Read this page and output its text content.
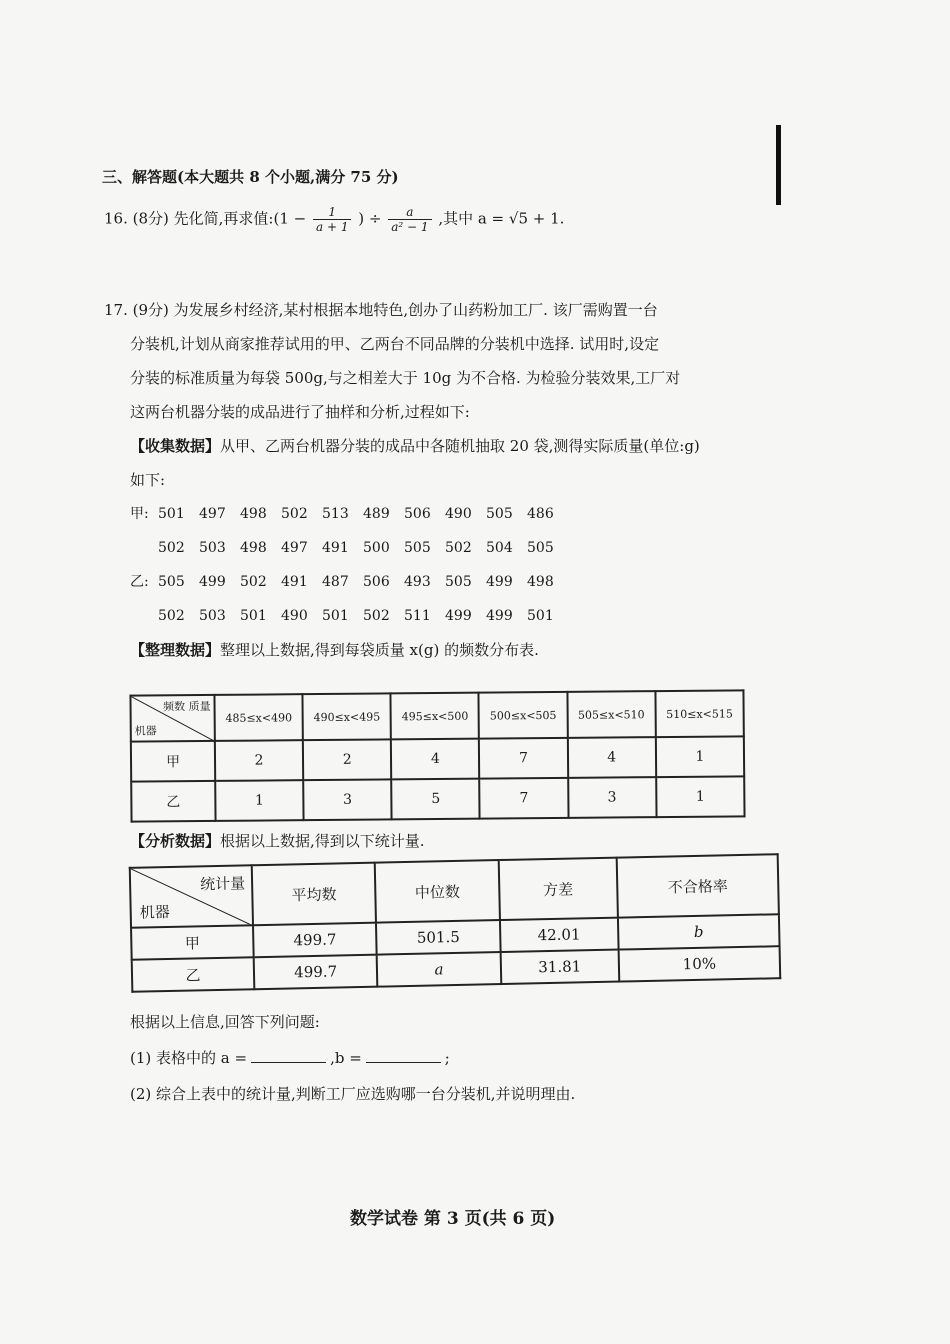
三、解答题(本大题共 8 个小题,满分 75 分)
16. (8分) 先化简,再求值:(1 − $\frac{1}{a + 1}$ ) ÷ $\frac{a}{\text{a² − 1}}$ ,其中 a = √5 + 1.

17. (9分) 为发展乡村经济,某村根据本地特色,创办了山药粉加工厂. 该厂需购置一台

分装机,计划从商家推荐试用的甲、乙两台不同品牌的分装机中选择. 试用时,设定

分装的标准质量为每袋 500g,与之相差大于 10g 为不合格. 为检验分装效果,工厂对

这两台机器分装的成品进行了抽样和分析,过程如下:

【收集数据】从甲、乙两台机器分装的成品中各随机抽取 20 袋,测得实际质量(单位:g)

如下:

甲: 501 497 498 502 513 489 506 490 505 486

502 503 498 497 491 500 505 502 504 505

乙: 505 499 502 491 487 506 493 505 499 498

502 503 501 490 501 502 511 499 499 501

【整理数据】整理以上数据,得到每袋质量 x(g) 的频数分布表.

频数 质量
机器	485≤x<490	490≤x<495	495≤x<500	500≤x<505	505≤x<510	510≤x<515
甲	2	2	4	7	4	1
乙	1	3	5	7	3	1
【分析数据】根据以上数据,得到以下统计量.
统计量
机器	平均数	中位数	方差	不合格率
甲	499.7	501.5	42.01	b
乙	499.7	a	31.81	10%
根据以上信息,回答下列问题:
(1) 表格中的 a =	,b =	;
(2) 综合上表中的统计量,判断工厂应选购哪一台分装机,并说明理由.
数学试卷 第 3 页(共 6 页)
